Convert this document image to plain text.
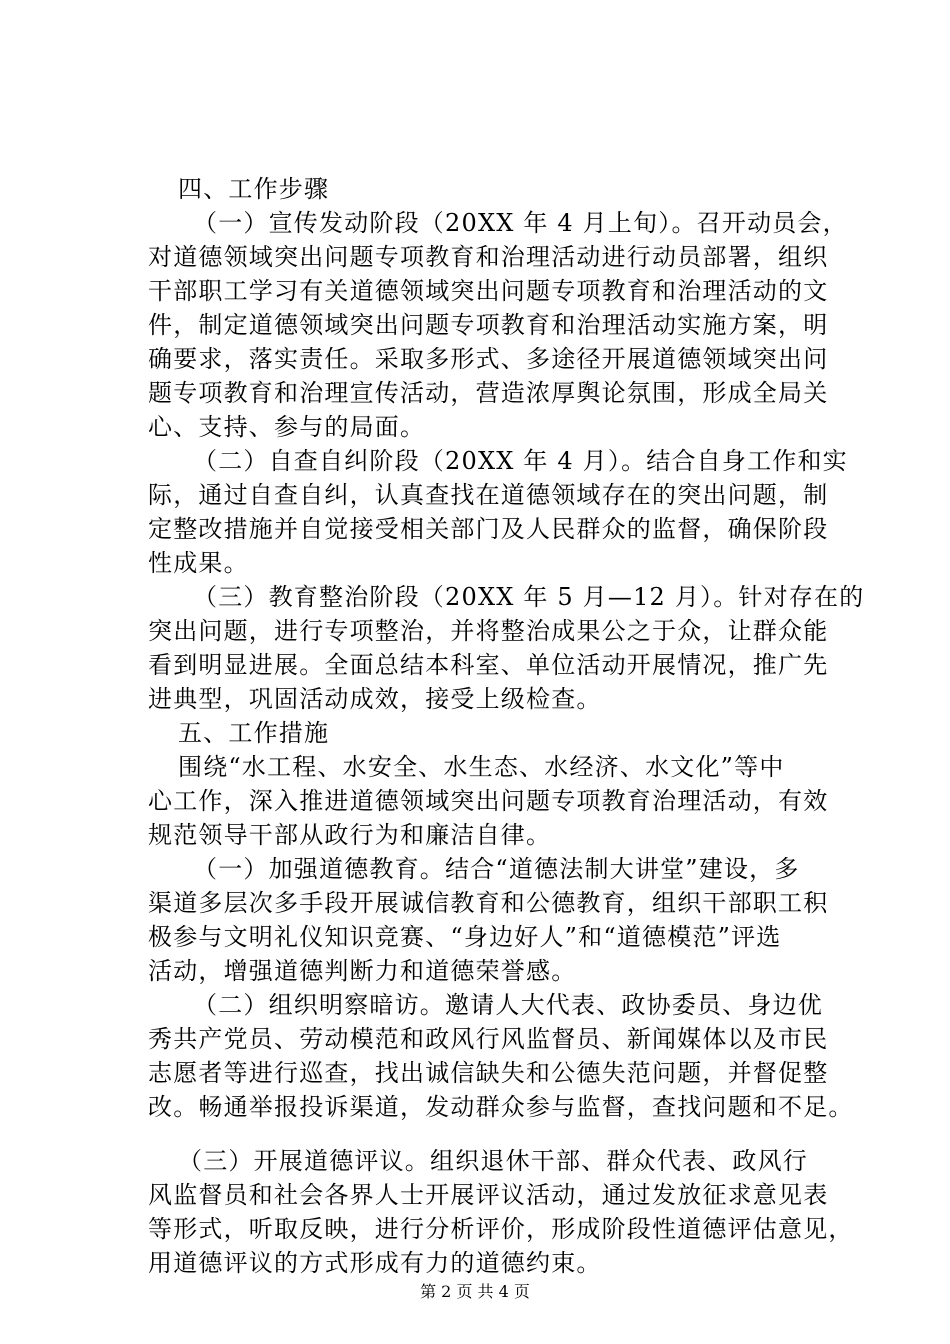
四、工作步骤
（一）宣传发动阶段（20XX 年 4 月上旬）。召开动员会，
对道德领域突出问题专项教育和治理活动进行动员部署，组织
干部职工学习有关道德领域突出问题专项教育和治理活动的文
件，制定道德领域突出问题专项教育和治理活动实施方案，明
确要求，落实责任。采取多形式、多途径开展道德领域突出问
题专项教育和治理宣传活动，营造浓厚舆论氛围，形成全局关
心、支持、参与的局面。
（二）自查自纠阶段（20XX 年 4 月）。结合自身工作和实
际，通过自查自纠，认真查找在道德领域存在的突出问题，制
定整改措施并自觉接受相关部门及人民群众的监督，确保阶段
性成果。
（三）教育整治阶段（20XX 年 5 月—12 月）。针对存在的
突出问题，进行专项整治，并将整治成果公之于众，让群众能
看到明显进展。全面总结本科室、单位活动开展情况，推广先
进典型，巩固活动成效，接受上级检查。
五、工作措施
围绕“水工程、水安全、水生态、水经济、水文化”等中
心工作，深入推进道德领域突出问题专项教育治理活动，有效
规范领导干部从政行为和廉洁自律。
（一）加强道德教育。结合“道德法制大讲堂”建设，多
渠道多层次多手段开展诚信教育和公德教育，组织干部职工积
极参与文明礼仪知识竞赛、“身边好人”和“道德模范”评选
活动，增强道德判断力和道德荣誉感。
（二）组织明察暗访。邀请人大代表、政协委员、身边优
秀共产党员、劳动模范和政风行风监督员、新闻媒体以及市民
志愿者等进行巡查，找出诚信缺失和公德失范问题，并督促整
改。畅通举报投诉渠道，发动群众参与监督，查找问题和不足。
（三）开展道德评议。组织退休干部、群众代表、政风行
风监督员和社会各界人士开展评议活动，通过发放征求意见表
等形式，听取反映，进行分析评价，形成阶段性道德评估意见，
用道德评议的方式形成有力的道德约束。
第 2 页 共 4 页
